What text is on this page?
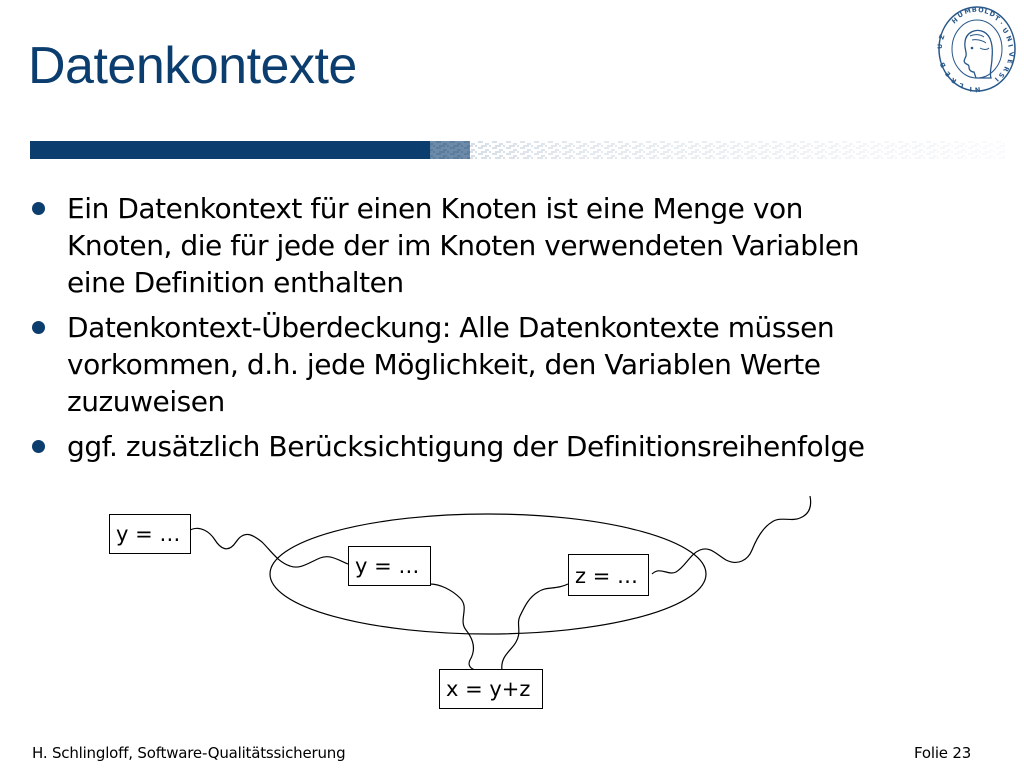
Datenkontexte
H
U
M B O L
D
T
·
U
N
I
V
E
R
S
I
Z
U
B
E
R
L I N
Ein Datenkontext für einen Knoten ist eine Menge von
Knoten, die für jede der im Knoten verwendeten Variablen
eine Definition enthalten
Datenkontext-Überdeckung: Alle Datenkontexte müssen
vorkommen, d.h. jede Möglichkeit, den Variablen Werte
zuzuweisen
ggf. zusätzlich Berücksichtigung der Definitionsreihenfolge
y = …
y = …	z = …
x = y+z
H. Schlingloff, Software-Qualitätssicherung	Folie 23
